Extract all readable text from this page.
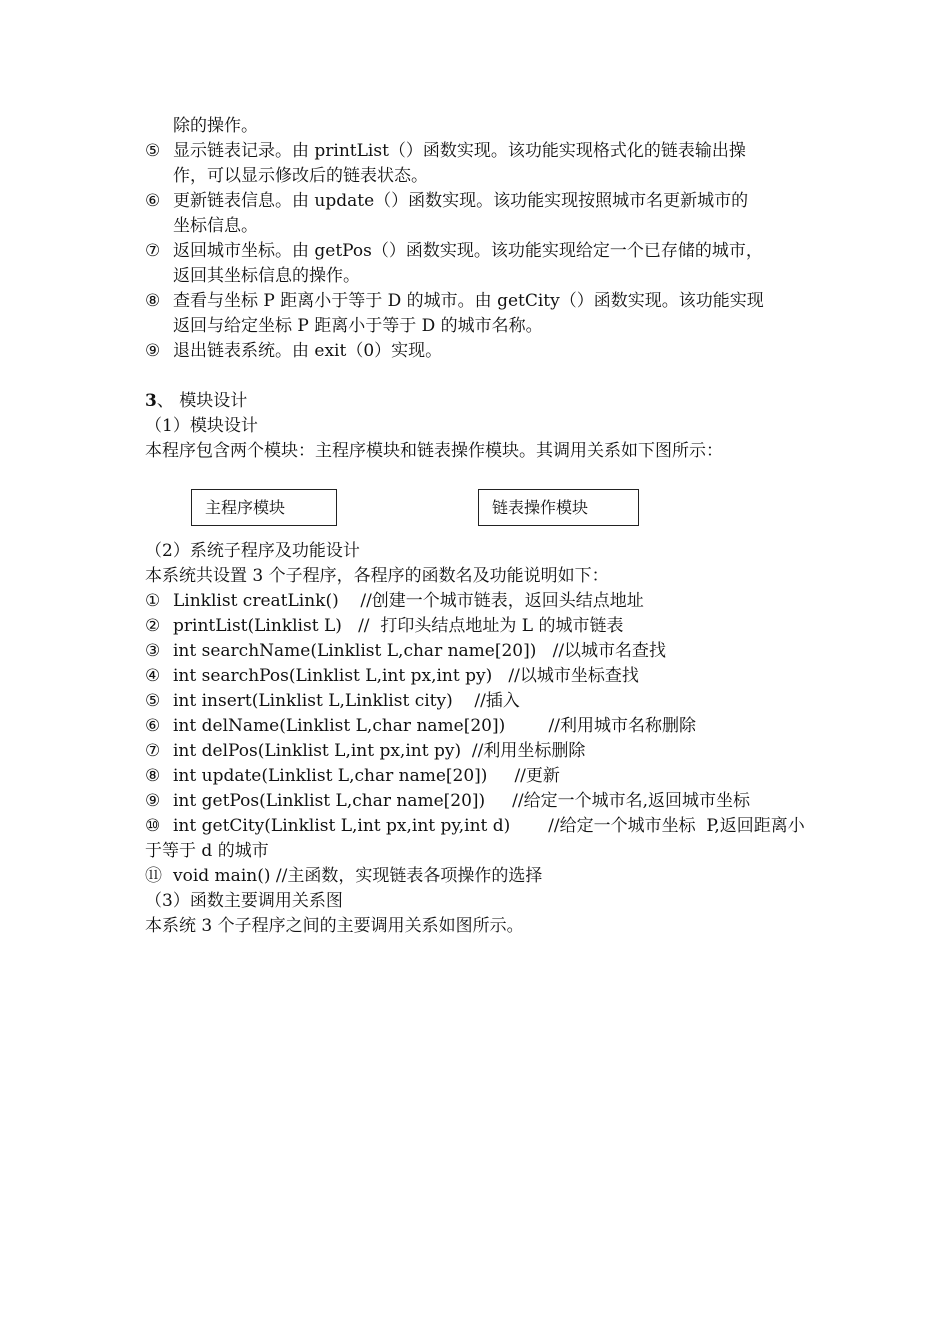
除的操作。
⑤ 显示链表记录。由 printList（）函数实现。该功能实现格式化的链表输出操
作，可以显示修改后的链表状态。
⑥ 更新链表信息。由 update（）函数实现。该功能实现按照城市名更新城市的
坐标信息。
⑦ 返回城市坐标。由 getPos（）函数实现。该功能实现给定一个已存储的城市，
返回其坐标信息的操作。
⑧ 查看与坐标 P 距离小于等于 D 的城市。由 getCity（）函数实现。该功能实现
返回与给定坐标 P 距离小于等于 D 的城市名称。
⑨ 退出链表系统。由 exit（0）实现。
3、 模块设计
（1）模块设计
本程序包含两个模块：主程序模块和链表操作模块。其调用关系如下图所示：
主程序模块	链表操作模块
（2）系统子程序及功能设计
本系统共设置 3 个子程序，各程序的函数名及功能说明如下：
① Linklist creatLink()    //创建一个城市链表，返回头结点地址
② printList(Linklist L)   //  打印头结点地址为 L 的城市链表
③ int searchName(Linklist L,char name[20])   //以城市名查找
④ int searchPos(Linklist L,int px,int py)   //以城市坐标查找
⑤ int insert(Linklist L,Linklist city)    //插入
⑥ int delName(Linklist L,char name[20])        //利用城市名称删除
⑦ int delPos(Linklist L,int px,int py)  //利用坐标删除
⑧ int update(Linklist L,char name[20])     //更新
⑨ int getPos(Linklist L,char name[20])     //给定一个城市名,返回城市坐标
⑩ int getCity(Linklist L,int px,int py,int d)       //给定一个城市坐标  P,返回距离小
于等于 d 的城市
⑪ void main() //主函数，实现链表各项操作的选择
（3）函数主要调用关系图
本系统 3 个子程序之间的主要调用关系如图所示。
